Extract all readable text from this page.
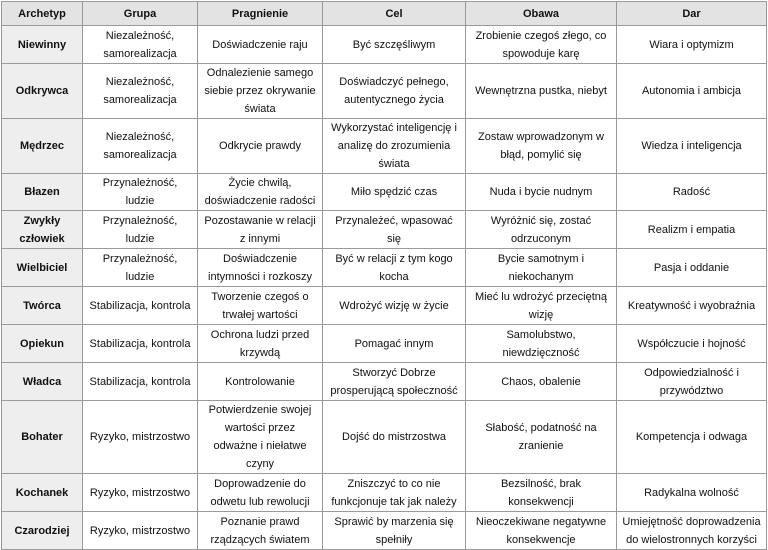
Archetyp	Grupa	Pragnienie	Cel	Obawa	Dar
Niewinny	Niezależność, samorealizacja	Doświadczenie raju	Być szczęśliwym	Zrobienie czegoś złego, co spowoduje karę	Wiara i optymizm
Odkrywca	Niezależność, samorealizacja	Odnalezienie samego siebie przez okrywanie świata	Doświadczyć pełnego, autentycznego życia	Wewnętrzna pustka, niebyt	Autonomia i ambicja
Mędrzec	Niezależność, samorealizacja	Odkrycie prawdy	Wykorzystać inteligencję i analizę do zrozumienia świata	Zostaw wprowadzonym w błąd, pomylić się	Wiedza i inteligencja
Błazen	Przynależność, ludzie	Życie chwilą, doświadczenie radości	Miło spędzić czas	Nuda i bycie nudnym	Radość
Zwykły człowiek	Przynależność, ludzie	Pozostawanie w relacji z innymi	Przynależeć, wpasować się	Wyróżnić się, zostać odrzuconym	Realizm i empatia
Wielbiciel	Przynależność, ludzie	Doświadczenie intymności i rozkoszy	Być w relacji z tym kogo kocha	Bycie samotnym i niekochanym	Pasja i oddanie
Twórca	Stabilizacja, kontrola	Tworzenie czegoś o trwałej wartości	Wdrożyć wizję w życie	Mieć lu wdrożyć przeciętną wizję	Kreatywność i wyobraźnia
Opiekun	Stabilizacja, kontrola	Ochrona ludzi przed krzywdą	Pomagać innym	Samolubstwo, niewdzięczność	Współczucie i hojność
Władca	Stabilizacja, kontrola	Kontrolowanie	Stworzyć Dobrze prosperującą społeczność	Chaos, obalenie	Odpowiedzialność i przywództwo
Bohater	Ryzyko, mistrzostwo	Potwierdzenie swojej wartości przez odważne i niełatwe czyny	Dojść do mistrzostwa	Słabość, podatność na zranienie	Kompetencja i odwaga
Kochanek	Ryzyko, mistrzostwo	Doprowadzenie do odwetu lub rewolucji	Zniszczyć to co nie funkcjonuje tak jak należy	Bezsilność, brak konsekwencji	Radykalna wolność
Czarodziej	Ryzyko, mistrzostwo	Poznanie prawd rządzących światem	Sprawić by marzenia się spełniły	Nieoczekiwane negatywne konsekwencje	Umiejętność doprowadzenia do wielostronnych korzyści
